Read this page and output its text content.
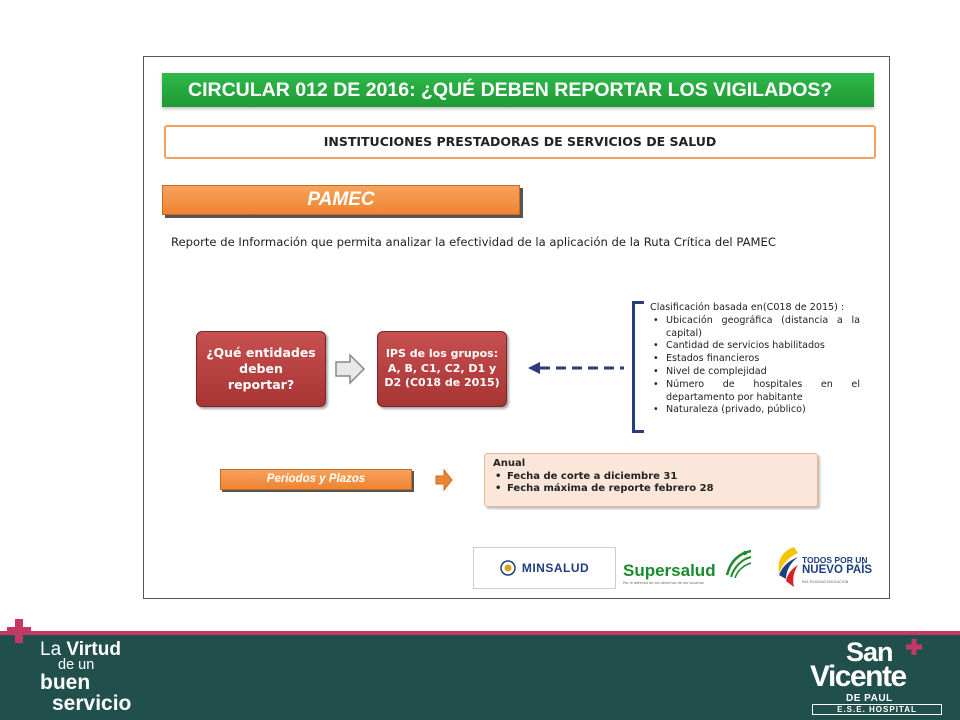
CIRCULAR 012 DE 2016: ¿QUÉ DEBEN REPORTAR LOS VIGILADOS?
INSTITUCIONES PRESTADORAS DE SERVICIOS DE SALUD
PAMEC
Reporte de Información que permita analizar la efectividad de la aplicación de la Ruta Crítica del PAMEC
¿Qué entidades deben reportar?
IPS de los grupos:
A, B, C1, C2, D1 y D2 (C018 de 2015)
Clasificación basada en(C018 de 2015) :
• Ubicación geográfica (distancia a la capital)
• Cantidad de servicios habilitados
• Estados financieros
• Nivel de complejidad
• Número de hospitales en el departamento por habitante
• Naturaleza (privado, público)
Periodos y Plazos
Anual
• Fecha de corte a diciembre 31
• Fecha máxima de reporte febrero 28
MINSALUD Supersalud
Por la defensa de los derechos de los usuarios
TODOS POR UN
NUEVO PAÍS
PAZ EQUIDAD EDUCACIÓN
La Virtud
de un
buen
servicio
San
Vicente
DE PAUL
E.S.E. HOSPITAL
